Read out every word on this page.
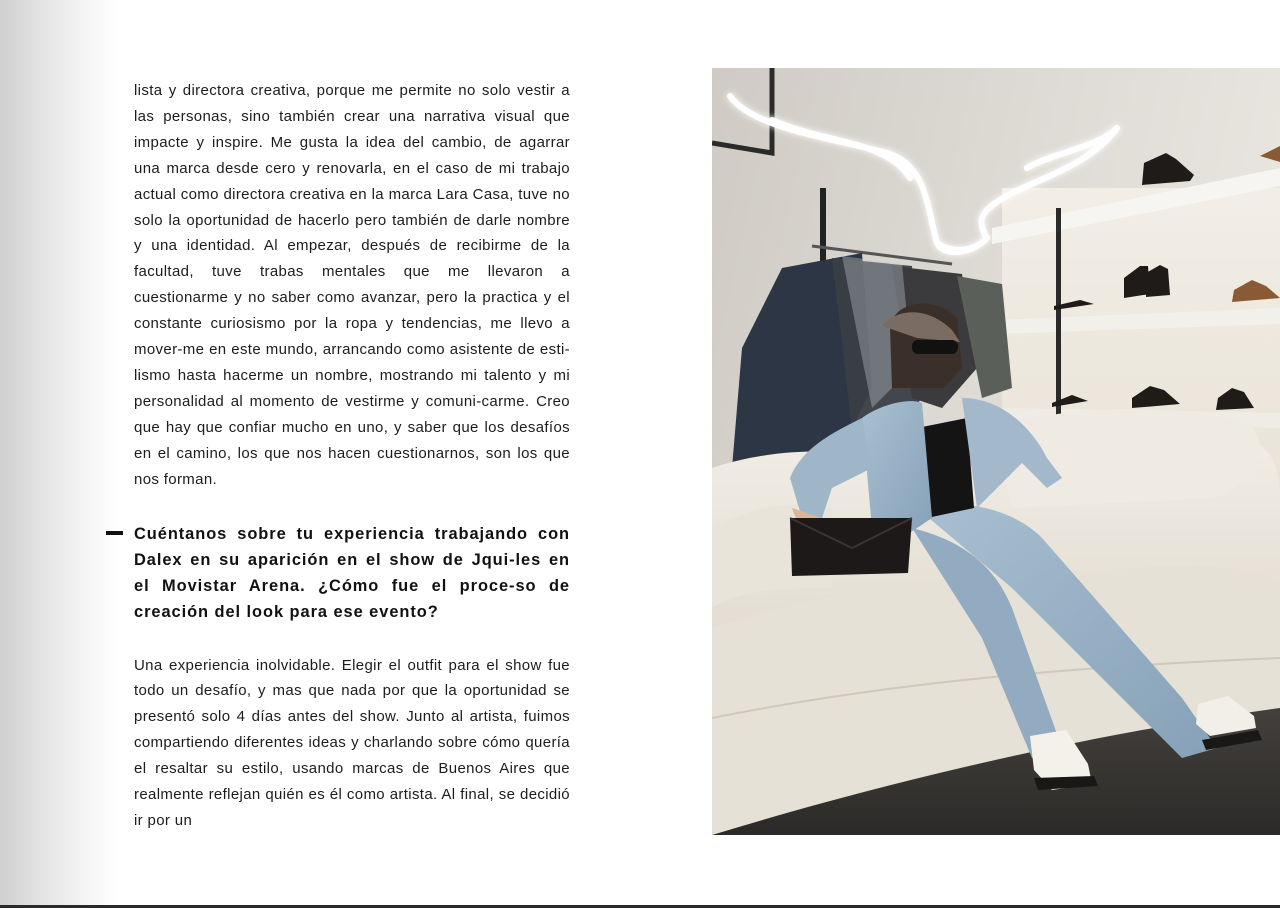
lista y directora creativa, porque me permite no solo vestir a las personas, sino también crear una narrativa visual que impacte y inspire. Me gusta la idea del cambio, de agarrar una marca desde cero y renovarla, en el caso de mi trabajo actual como directora creativa en la marca Lara Casa, tuve no solo la oportunidad de hacerlo pero también de darle nombre y una identidad. Al empezar, después de recibirme de la facultad, tuve trabas mentales que me llevaron a cuestionarme y no saber como avanzar, pero la practica y el constante curiosismo por la ropa y tendencias, me llevo a mover-me en este mundo, arrancando como asistente de esti-lismo hasta hacerme un nombre, mostrando mi talento y mi personalidad al momento de vestirme y comuni-carme. Creo que hay que confiar mucho en uno, y saber que los desafíos en el camino, los que nos hacen cuestionarnos, son los que nos forman.

Cuéntanos sobre tu experiencia trabajando con Dalex en su aparición en el show de Jqui-les en el Movistar Arena. ¿Cómo fue el proce-so de creación del look para ese evento?

Una experiencia inolvidable. Elegir el outfit para el show fue todo un desafío, y mas que nada por que la oportunidad se presentó solo 4 días antes del show. Junto al artista, fuimos compartiendo diferentes ideas y charlando sobre cómo quería el resaltar su estilo, usando marcas de Buenos Aires que realmente reflejan quién es él como artista. Al final, se decidió ir por un
